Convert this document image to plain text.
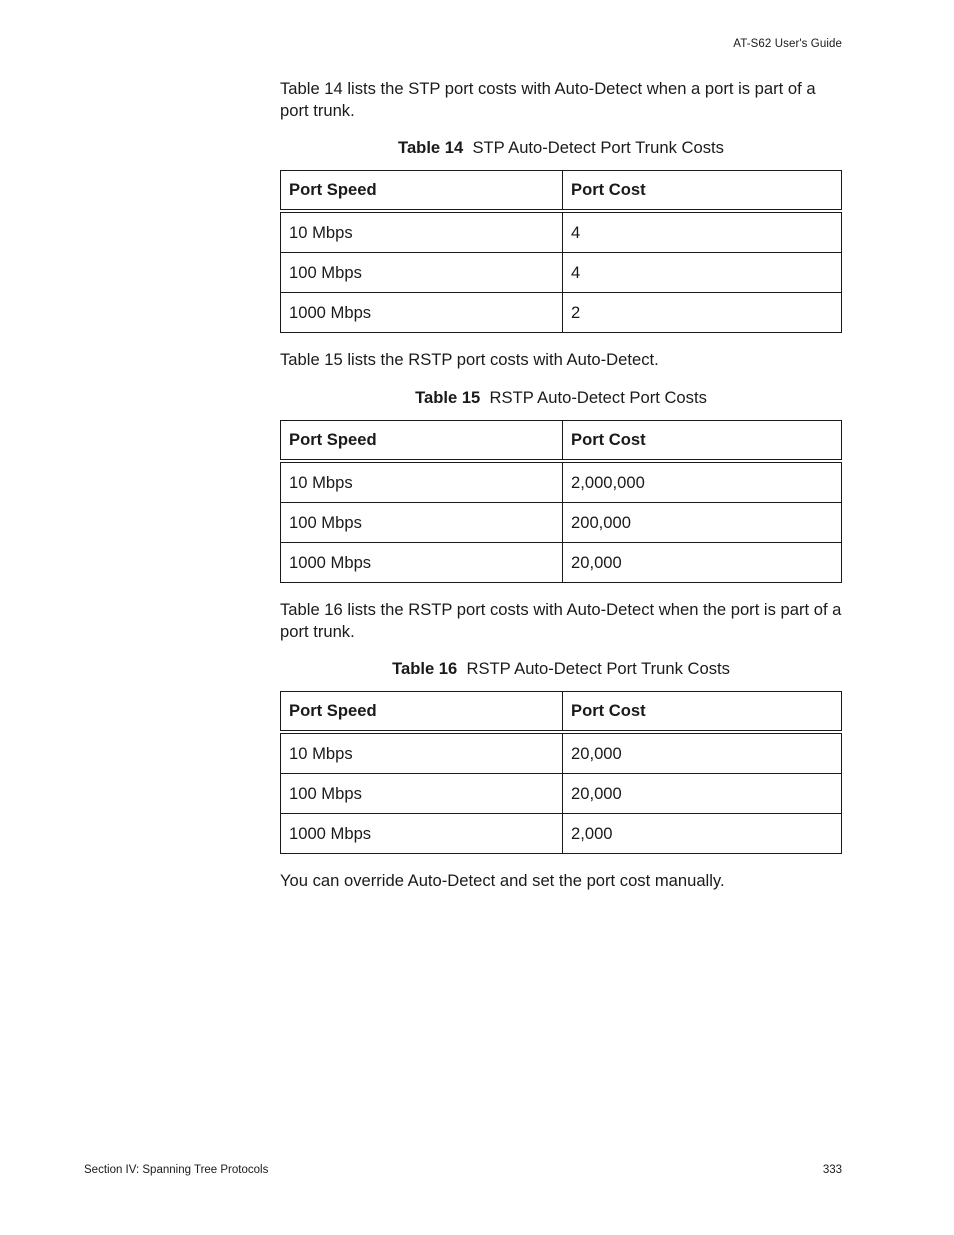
AT-S62 User's Guide

Table 14 lists the STP port costs with Auto-Detect when a port is part of a port trunk.

Table 14 STP Auto-Detect Port Trunk Costs

Port Speed	Port Cost
10 Mbps	4
100 Mbps	4
1000 Mbps	2

Table 15 lists the RSTP port costs with Auto-Detect.

Table 15 RSTP Auto-Detect Port Costs

Port Speed	Port Cost
10 Mbps	2,000,000
100 Mbps	200,000
1000 Mbps	20,000

Table 16 lists the RSTP port costs with Auto-Detect when the port is part of a port trunk.

Table 16 RSTP Auto-Detect Port Trunk Costs

Port Speed	Port Cost
10 Mbps	20,000
100 Mbps	20,000
1000 Mbps	2,000

You can override Auto-Detect and set the port cost manually.

Section IV: Spanning Tree Protocols	333
